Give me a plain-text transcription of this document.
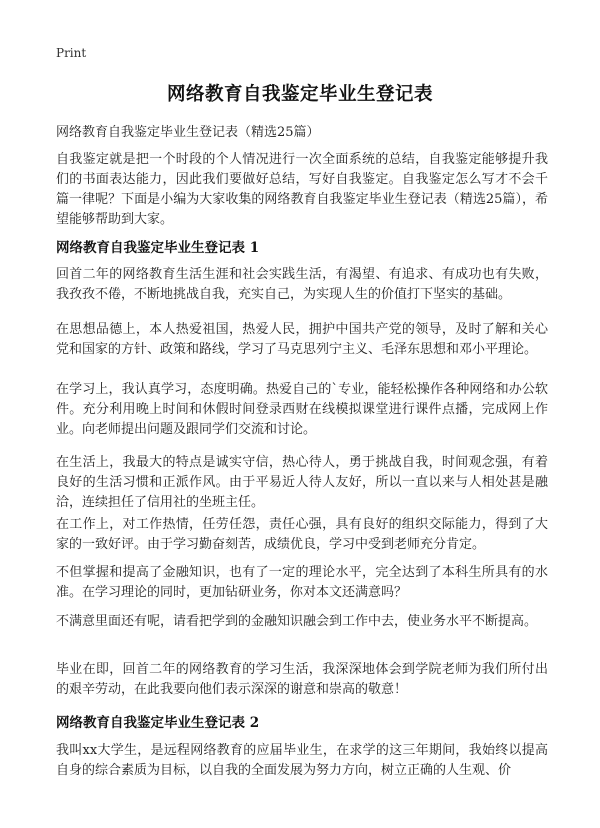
Print
网络教育自我鉴定毕业生登记表
网络教育自我鉴定毕业生登记表（精选25篇）

自我鉴定就是把一个时段的个人情况进行一次全面系统的总结，自我鉴定能够提升我们的书面表达能力，因此我们要做好总结，写好自我鉴定。自我鉴定怎么写才不会千篇一律呢？下面是小编为大家收集的网络教育自我鉴定毕业生登记表（精选25篇），希望能够帮助到大家。

网络教育自我鉴定毕业生登记表 1

回首二年的网络教育生活生涯和社会实践生活，有渴望、有追求、有成功也有失败，我孜孜不倦，不断地挑战自我，充实自己，为实现人生的价值打下坚实的基础。

在思想品德上，本人热爱祖国，热爱人民，拥护中国共产党的领导，及时了解和关心党和国家的方针、政策和路线，学习了马克思列宁主义、毛泽东思想和邓小平理论。

在学习上，我认真学习，态度明确。热爱自己的`专业，能轻松操作各种网络和办公软件。充分利用晚上时间和休假时间登录西财在线模拟课堂进行课件点播，完成网上作业。向老师提出问题及跟同学们交流和讨论。

在生活上，我最大的特点是诚实守信，热心待人，勇于挑战自我，时间观念强，有着良好的生活习惯和正派作风。由于平易近人待人友好，所以一直以来与人相处甚是融洽，连续担任了信用社的坐班主任。

在工作上，对工作热情，任劳任怨，责任心强，具有良好的组织交际能力，得到了大家的一致好评。由于学习勤奋刻苦，成绩优良，学习中受到老师充分肯定。

不但掌握和提高了金融知识，也有了一定的理论水平，完全达到了本科生所具有的水准。在学习理论的同时，更加钻研业务，你对本文还满意吗？

不满意里面还有呢，请看把学到的金融知识融会到工作中去，使业务水平不断提高。

毕业在即，回首二年的网络教育的学习生活，我深深地体会到学院老师为我们所付出的艰辛劳动，在此我要向他们表示深深的谢意和崇高的敬意！

网络教育自我鉴定毕业生登记表 2

我叫xx大学生，是远程网络教育的应届毕业生，在求学的这三年期间，我始终以提高自身的综合素质为目标，以自我的全面发展为努力方向，树立正确的人生观、价
